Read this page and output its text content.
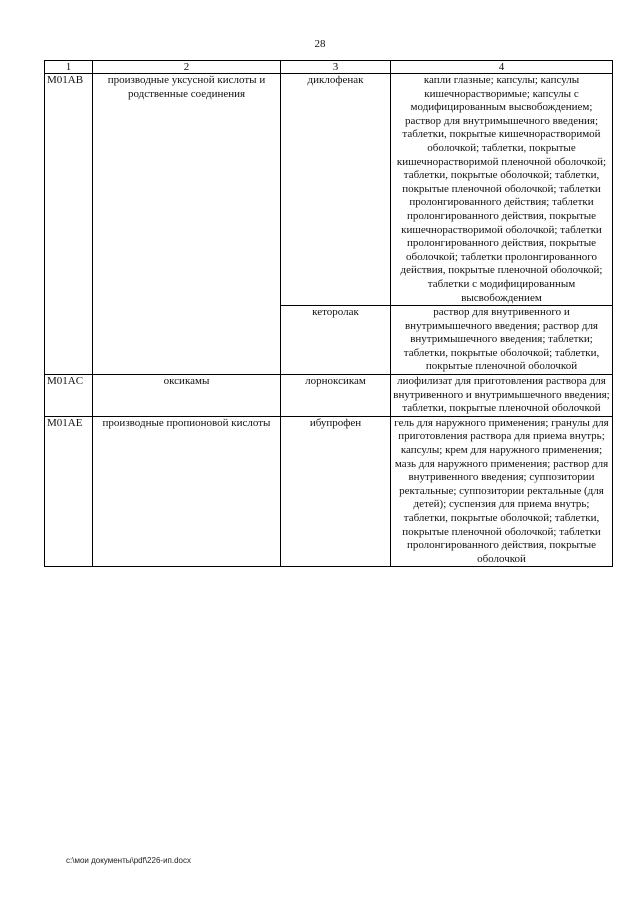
28
1	2	3	4
M01AB	производные уксусной кислоты и родственные соединения	диклофенак	капли глазные; капсулы; капсулы кишечнорастворимые; капсулы с модифицированным высвобождением; раствор для внутримышечного введения; таблетки, покрытые кишечнорастворимой оболочкой; таблетки, покрытые кишечнорастворимой пленочной оболочкой; таблетки, покрытые оболочкой; таблетки, покрытые пленочной оболочкой; таблетки пролонгированного действия; таблетки пролонгированного действия, покрытые кишечнорастворимой оболочкой; таблетки пролонгированного действия, покрытые оболочкой; таблетки пролонгированного действия, покрытые пленочной оболочкой; таблетки с модифицированным высвобождением
		кеторолак	раствор для внутривенного и внутримышечного введения; раствор для внутримышечного введения; таблетки; таблетки, покрытые оболочкой; таблетки, покрытые пленочной оболочкой
M01AC	оксикамы	лорноксикам	лиофилизат для приготовления раствора для внутривенного и внутримышечного введения; таблетки, покрытые пленочной оболочкой
M01AE	производные пропионовой кислоты	ибупрофен	гель для наружного применения; гранулы для приготовления раствора для приема внутрь; капсулы; крем для наружного применения; мазь для наружного применения; раствор для внутривенного введения; суппозитории ректальные; суппозитории ректальные (для детей); суспензия для приема внутрь; таблетки, покрытые оболочкой; таблетки, покрытые пленочной оболочкой; таблетки пролонгированного действия, покрытые оболочкой
c:\мои документы\pdf\226-ип.docx
